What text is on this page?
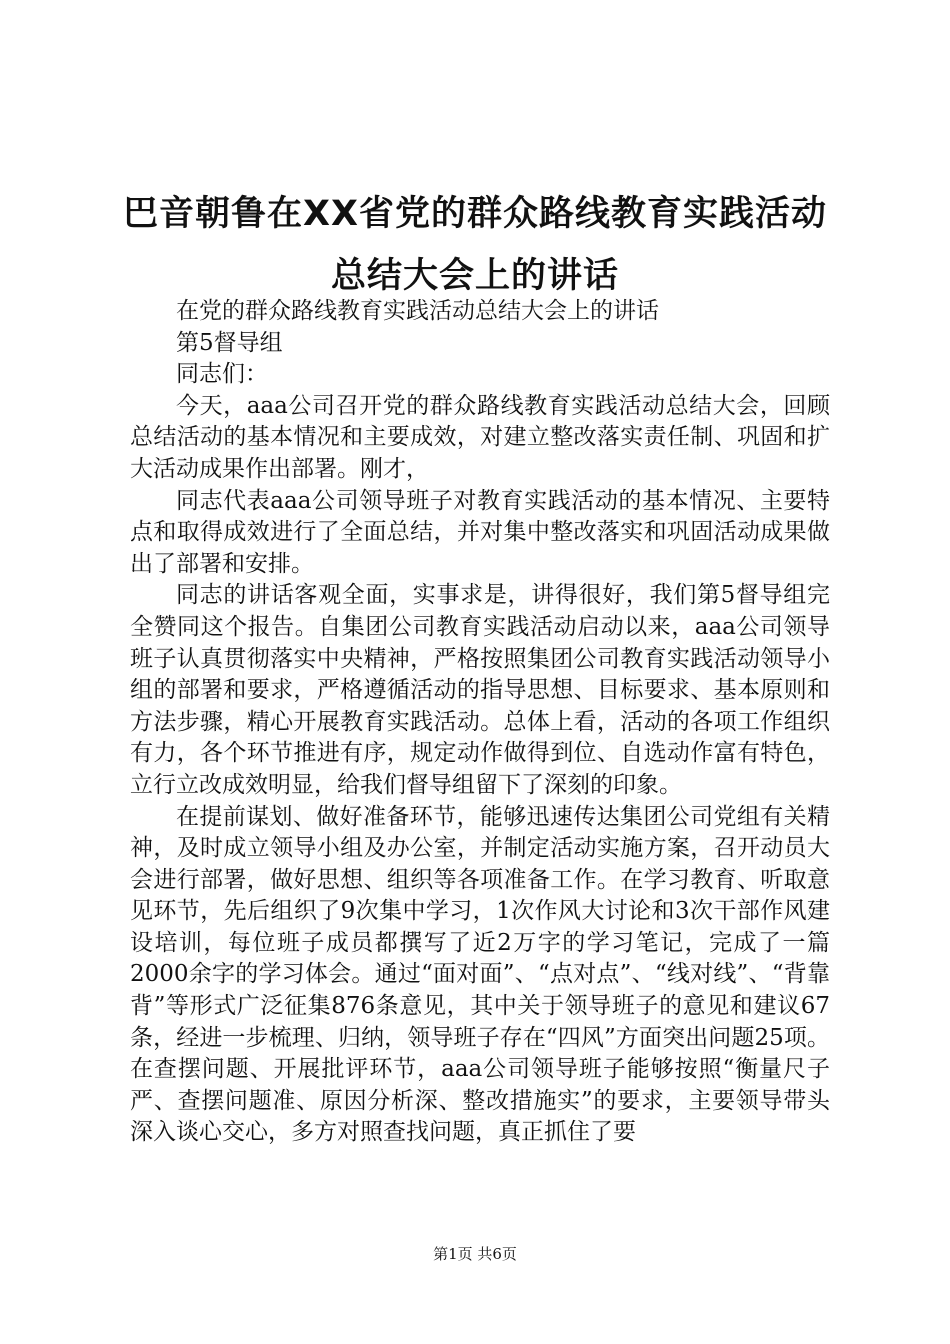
巴音朝鲁在XX省党的群众路线教育实践活动
总结大会上的讲话

在党的群众路线教育实践活动总结大会上的讲话

第5督导组

同志们：

今天，aaa公司召开党的群众路线教育实践活动总结大会，回顾总结活动的基本情况和主要成效，对建立整改落实责任制、巩固和扩大活动成果作出部署。刚才，

同志代表aaa公司领导班子对教育实践活动的基本情况、主要特点和取得成效进行了全面总结，并对集中整改落实和巩固活动成果做出了部署和安排。

同志的讲话客观全面，实事求是，讲得很好，我们第5督导组完全赞同这个报告。自集团公司教育实践活动启动以来，aaa公司领导班子认真贯彻落实中央精神，严格按照集团公司教育实践活动领导小组的部署和要求，严格遵循活动的指导思想、目标要求、基本原则和方法步骤，精心开展教育实践活动。总体上看，活动的各项工作组织有力，各个环节推进有序，规定动作做得到位、自选动作富有特色，立行立改成效明显，给我们督导组留下了深刻的印象。

在提前谋划、做好准备环节，能够迅速传达集团公司党组有关精神，及时成立领导小组及办公室，并制定活动实施方案，召开动员大会进行部署，做好思想、组织等各项准备工作。在学习教育、听取意见环节，先后组织了9次集中学习，1次作风大讨论和3次干部作风建设培训，每位班子成员都撰写了近2万字的学习笔记，完成了一篇2000余字的学习体会。通过“面对面”、“点对点”、“线对线”、“背靠背”等形式广泛征集876条意见，其中关于领导班子的意见和建议67条，经进一步梳理、归纳，领导班子存在“四风”方面突出问题25项。在查摆问题、开展批评环节，aaa公司领导班子能够按照“衡量尺子严、查摆问题准、原因分析深、整改措施实”的要求，主要领导带头深入谈心交心，多方对照查找问题，真正抓住了要

第1页 共6页
